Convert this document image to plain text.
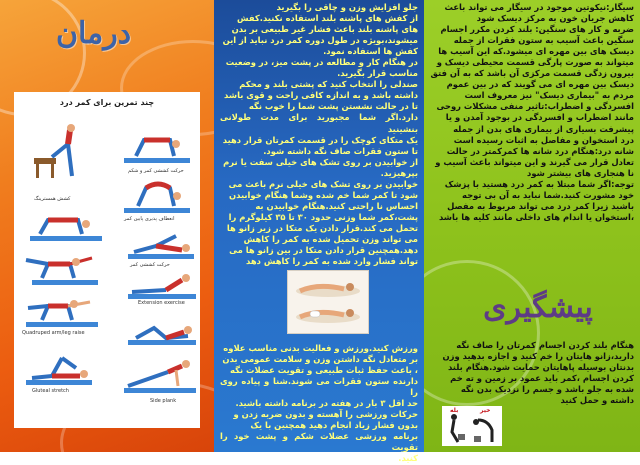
درمان
چند تمرین برای کمر درد
کشش همسترینگ
حرکت کششی کمر و شکم
انعطاف پذیری پایین کمر
حرکت کششی کمر
Extension exercise
Quadruped arm/leg raise
Gluteal stretch
Side plank
جلو افزایش وزن و چاقی را بگیرید
از کفش های پاشنه بلند استفاده نکنید.کفش
های پاشنه بلند باعث فشار غیر طبیعی بر بدن
میشوند،بویژه در طول دوره کمر درد نباید از این
کفش ها استفاده نمود.
در هنگام کار و مطالعه در پشت میز، در وضعیت
مناسب قرار بگیرید.
صندلی را انتخاب کنید که پشتی بلند و محکم
داشته باشد و به اندازه کافی راحت و قوی باشد
تا در حالت نشستن پشت شما را خوب نگه
دارد.اگر شما مجبورید برای مدت طولانی بنشینید
یک متکای کوچک را در قسمت کمرتان قرار دهید
تا ستون فقرات صاف نگه داشته شود.
از خوابیدن بر روی تشک های خیلی سفت یا نرم
بپرهیزید.
خوابیدن بر روی تشک های خیلی نرم باعث می
شود تا کمر شما خم شده وشما هنگام خوابیدن
احساس نا راحتی کنید.هنگام خوابیدن به
پشت،کمر شما وزنی حدود ۳۰ تا ۳۵ کیلوگرم را
تحمل می کند.قرار دادن یک متکا در زیر زانو ها
می تواند وزن تحمیل شده به کمر را کاهش
دهد.همچنین قرار دادن متکا در بین زانو ها می
تواند فشار وارد شده به کمر را کاهش دهد
ورزش کنید.ورزش و فعالیت بدنی مناسب علاوه
بر متعادل نگه داشتن وزن و سلامت عمومی بدن
، باعث حفظ ثبات طبیعی و تقویت عضلات نگه
دارنده ستون فقرات می شوند.شنا و پیاده روی را
حد اقل ۳ بار در هفته در برنامه داشته باشید.
حرکات ورزشی را آهسته و بدون ضربه زدن و
بدون فشار زیاد انجام دهید همچنین با یک
برنامه ورزشی عضلات شکم و پشت خود را تقویت
کنید.
سیگار:نیکوتین موجود در سیگار می تواند باعث
کاهش جریان خون به مرکز دیسک شود
ضربه و کار های سنگین: بلند کردن مکرر اجسام
سنگین باعث آسیب به ستون فقرات از جمله
دیسک های بین مهره ای میشود.که این آسیب ها
میتواند به صورت پارگی قسمت محیطی دیسک و
بیرون زدگی قسمت مرکزی آن باشد که به آن فتق
دیسک بین مهره ای می گویند که در بین عموم
مردم به "بیماری دیسک" نیز معروف است
افسردگی و اضطراب:تاثیر منفی مشکلات روحی
مانند اضطراب و افسردگی در بوجود آمدن و یا
پیشرفت بسیاری از بیماری های بدن از جمله
درد استخوان و مفاصل به اثبات رسیده است
شانه درد:هنگام درد شانه ها کمرکمتر در حالت
تعادل قرار می گیرند و این میتواند باعث آسیب و
نا هنجاری های بیشتر شود
توجه:اگر شما مبتلا به کمر درد هستید با پزشک
خود مشورت کنید.شما نباید به آن بی توجه
باشید زیرا کمر درد می تواند مربوط به مفصل
،استخوان یا اندام های داخلی مانند کلیه ها باشد
پیشگیری
هنگام بلند کردن اجسام کمرتان را صاف نگه
دارید،زانو هایتان را خم کنید و اجازه بدهید وزن
بدنتان بوسیله پاهایتان حمایت شود.هنگام بلند
کردن اجسام ،کمر باید عمود بر زمین و ته خم
شده به جلو باشد و جسم را نزدیک بدن نگه
داشته و حمل کنید
خیر
بله
